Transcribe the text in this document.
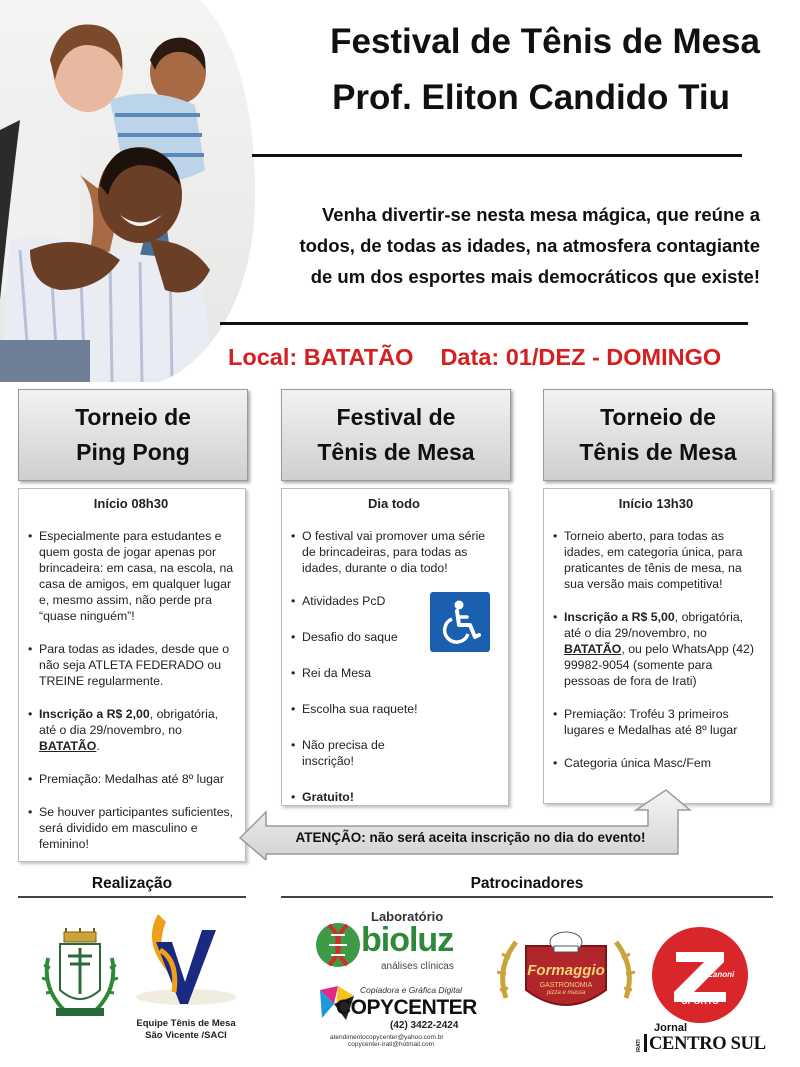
Festival de Tênis de Mesa
Prof. Eliton Candido Tiu
Venha divertir-se nesta mesa mágica, que reúne a
todos, de todas as idades, na atmosfera contagiante
de um dos esportes mais democráticos que existe!
Local: BATATÃO Data: 01/DEZ - DOMINGO
Torneio de
Ping Pong
Festival de
Tênis de Mesa
Torneio de
Tênis de Mesa
Início 08h30
• Especialmente para estudantes e quem gosta de jogar apenas por brincadeira: em casa, na escola, na casa de amigos, em qualquer lugar e, mesmo assim, não perde pra “quase ninguém”!
• Para todas as idades, desde que o não seja ATLETA FEDERADO ou TREINE regularmente.
• Inscrição a R$ 2,00, obrigatória, até o dia 29/novembro, no BATATÃO.
• Premiação: Medalhas até 8º lugar
• Se houver participantes suficientes, será dividido em masculino e feminino!
Dia todo
• O festival vai promover uma série de brincadeiras, para todas as idades, durante o dia todo!
• Atividades PcD
• Desafio do saque
• Rei da Mesa
• Escolha sua raquete!
• Não precisa de inscrição!
• Gratuito!
Início 13h30
• Torneio aberto, para todas as idades, em categoria única, para praticantes de tênis de mesa, na sua versão mais competitiva!
• Inscrição a R$ 5,00, obrigatória, até o dia 29/novembro, no BATATÃO, ou pelo WhatsApp (42) 99982-9054 (somente para pessoas de fora de Irati)
• Premiação: Troféu 3 primeiros lugares e Medalhas até 8º lugar
• Categoria única Masc/Fem
ATENÇÃO: não será aceita inscrição no dia do evento!
Realização	Patrocinadores
Equipe Tênis de Mesa
São Vicente /SACI
Laboratório
bioluz
análises clínicas
Copiadora e Gráfica Digital
COPYCENTER
(42) 3422-2424
atendimentocopycenter@yahoo.com.br
copycenter-irati@hotmail.com
Formaggio
GASTRONOMIA
pizza e massa
Zanoni
SPORTS
Jornal
IRATI CENTRO SUL
